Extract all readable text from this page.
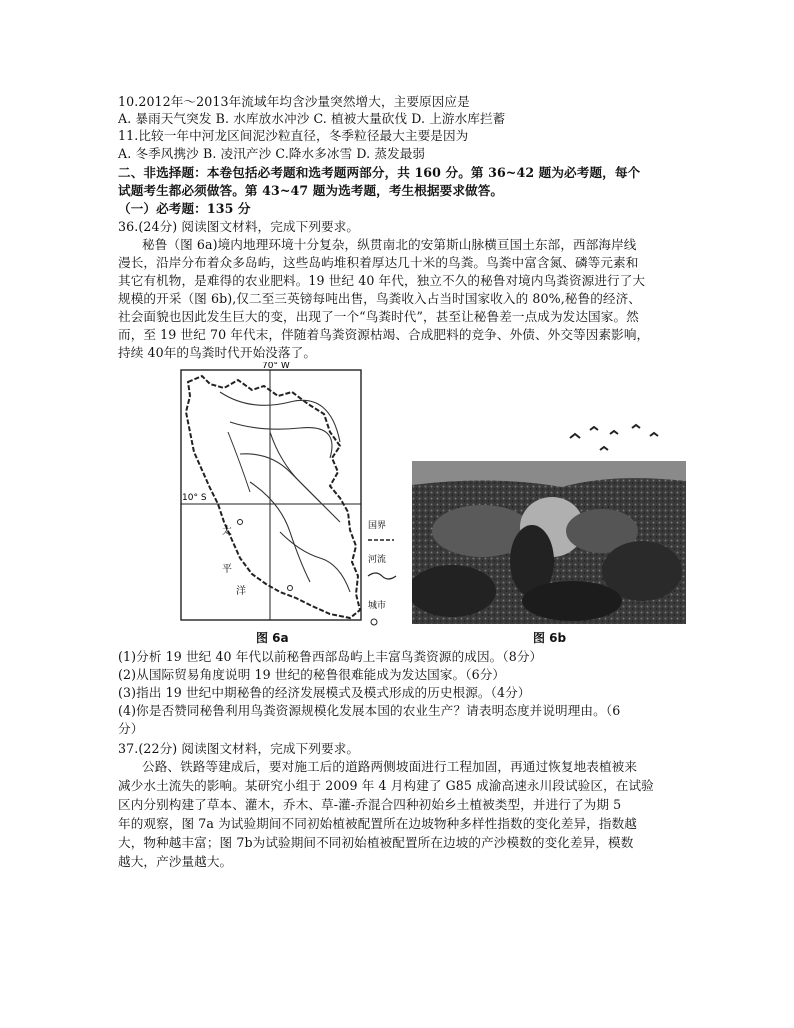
10.2012年～2013年流域年均含沙量突然增大，主要原因应是
A. 暴雨天气突发 B. 水库放水冲沙 C. 植被大量砍伐 D. 上游水库拦蓄
11.比较一年中河龙区间泥沙粒直径，冬季粒径最大主要是因为
A. 冬季风携沙 B. 凌汛产沙 C.降水多冰雪 D. 蒸发最弱
二、非选择题：本卷包括必考题和选考题两部分，共 160 分。第 36~42 题为必考题，每个
试题考生都必须做答。第 43~47 题为选考题，考生根据要求做答。
（一）必考题：135 分
36.(24分) 阅读图文材料，完成下列要求。
秘鲁（图 6a)境内地理环境十分复杂，纵贯南北的安第斯山脉横亘国土东部，西部海岸线
漫长，沿岸分布着众多岛屿，这些岛屿堆积着厚达几十米的鸟粪。鸟粪中富含氮、磷等元素和
其它有机物，是难得的农业肥料。19 世纪 40 年代，独立不久的秘鲁对境内鸟粪资源进行了大
规模的开采（图 6b),仅二至三英镑每吨出售，鸟粪收入占当时国家收入的 80%,秘鲁的经济、
社会面貌也因此发生巨大的变，出现了一个“鸟粪时代”，甚至让秘鲁差一点成为发达国家。然
而，至 19 世纪 70 年代末，伴随着鸟粪资源枯竭、合成肥料的竞争、外债、外交等因素影响，
持续 40年的鸟粪时代开始没落了。
70° W
10° S
太
平
洋
国界
河流
城市
图 6a	图 6b
(1)分析 19 世纪 40 年代以前秘鲁西部岛屿上丰富鸟粪资源的成因。（8分）
(2)从国际贸易角度说明 19 世纪的秘鲁很难能成为发达国家。（6分）
(3)指出 19 世纪中期秘鲁的经济发展模式及模式形成的历史根源。（4分）
(4)你是否赞同秘鲁利用鸟粪资源规模化发展本国的农业生产？请表明态度并说明理由。（6
分）
37.(22分) 阅读图文材料，完成下列要求。
公路、铁路等建成后，要对施工后的道路两侧坡面进行工程加固，再通过恢复地表植被来
减少水土流失的影响。某研究小组于 2009 年 4 月构建了 G85 成渝高速永川段试验区，在试验
区内分别构建了草本、灌木，乔木、草-灌-乔混合四种初始乡土植被类型，并进行了为期 5
年的观察，图 7a 为试验期间不同初始植被配置所在边坡物种多样性指数的变化差异，指数越
大，物种越丰富；图 7b为试验期间不同初始植被配置所在边坡的产沙模数的变化差异，模数
越大，产沙量越大。
